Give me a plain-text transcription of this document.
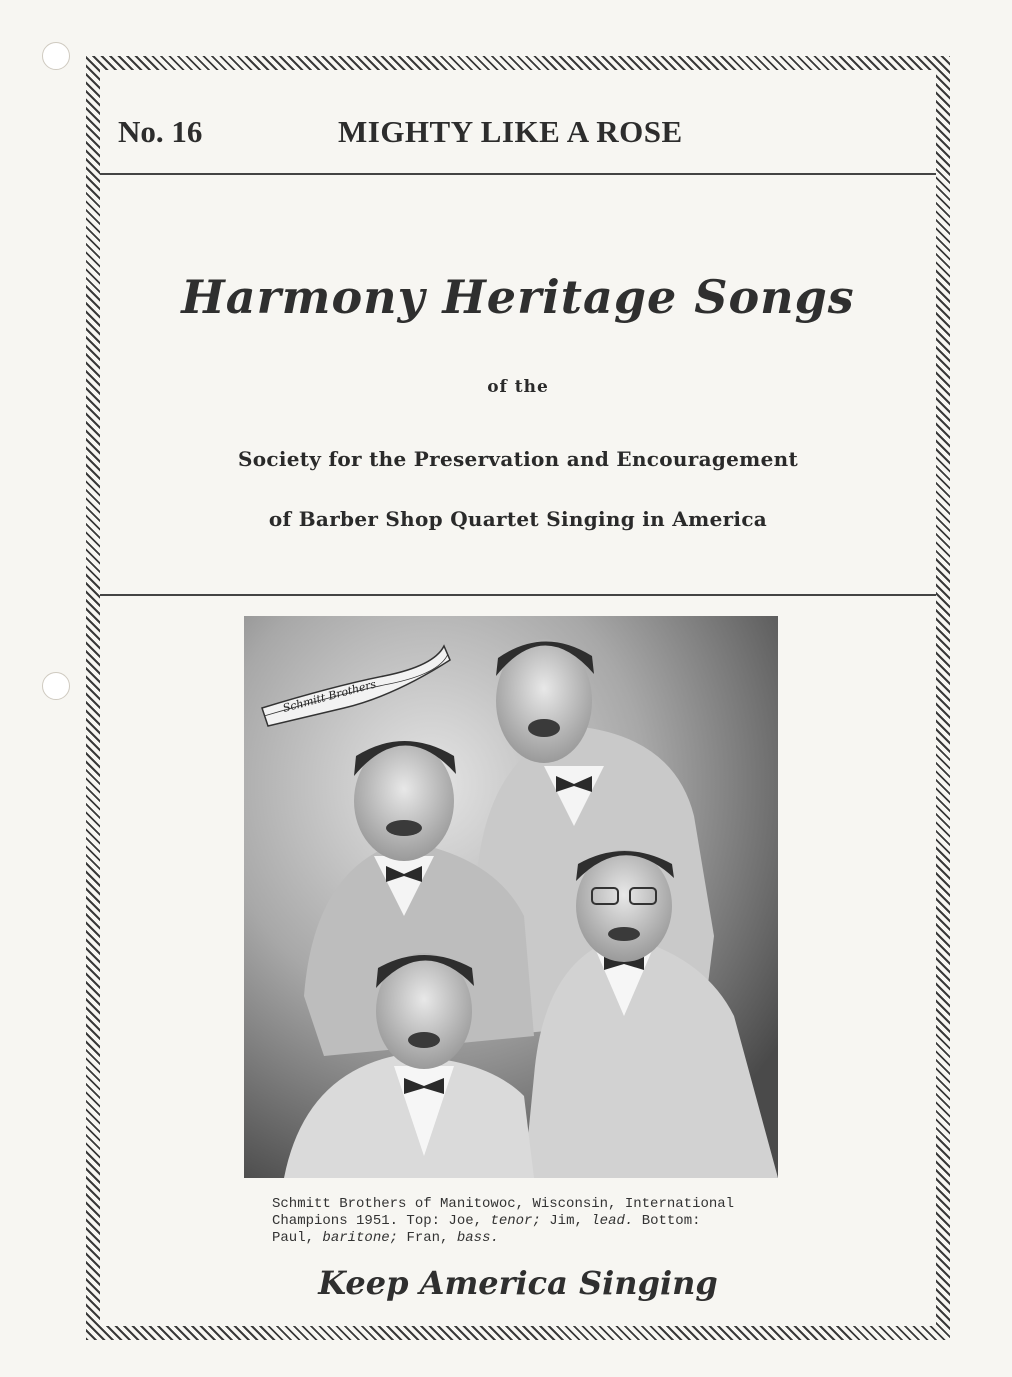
No. 16	MIGHTY LIKE A ROSE
Harmony Heritage Songs
of the
Society for the Preservation and Encouragement
of Barber Shop Quartet Singing in America
Schmitt Brothers
Schmitt Brothers of Manitowoc, Wisconsin, International
Champions 1951. Top: Joe, tenor; Jim, lead. Bottom:
Paul, baritone; Fran, bass.
Keep America Singing
